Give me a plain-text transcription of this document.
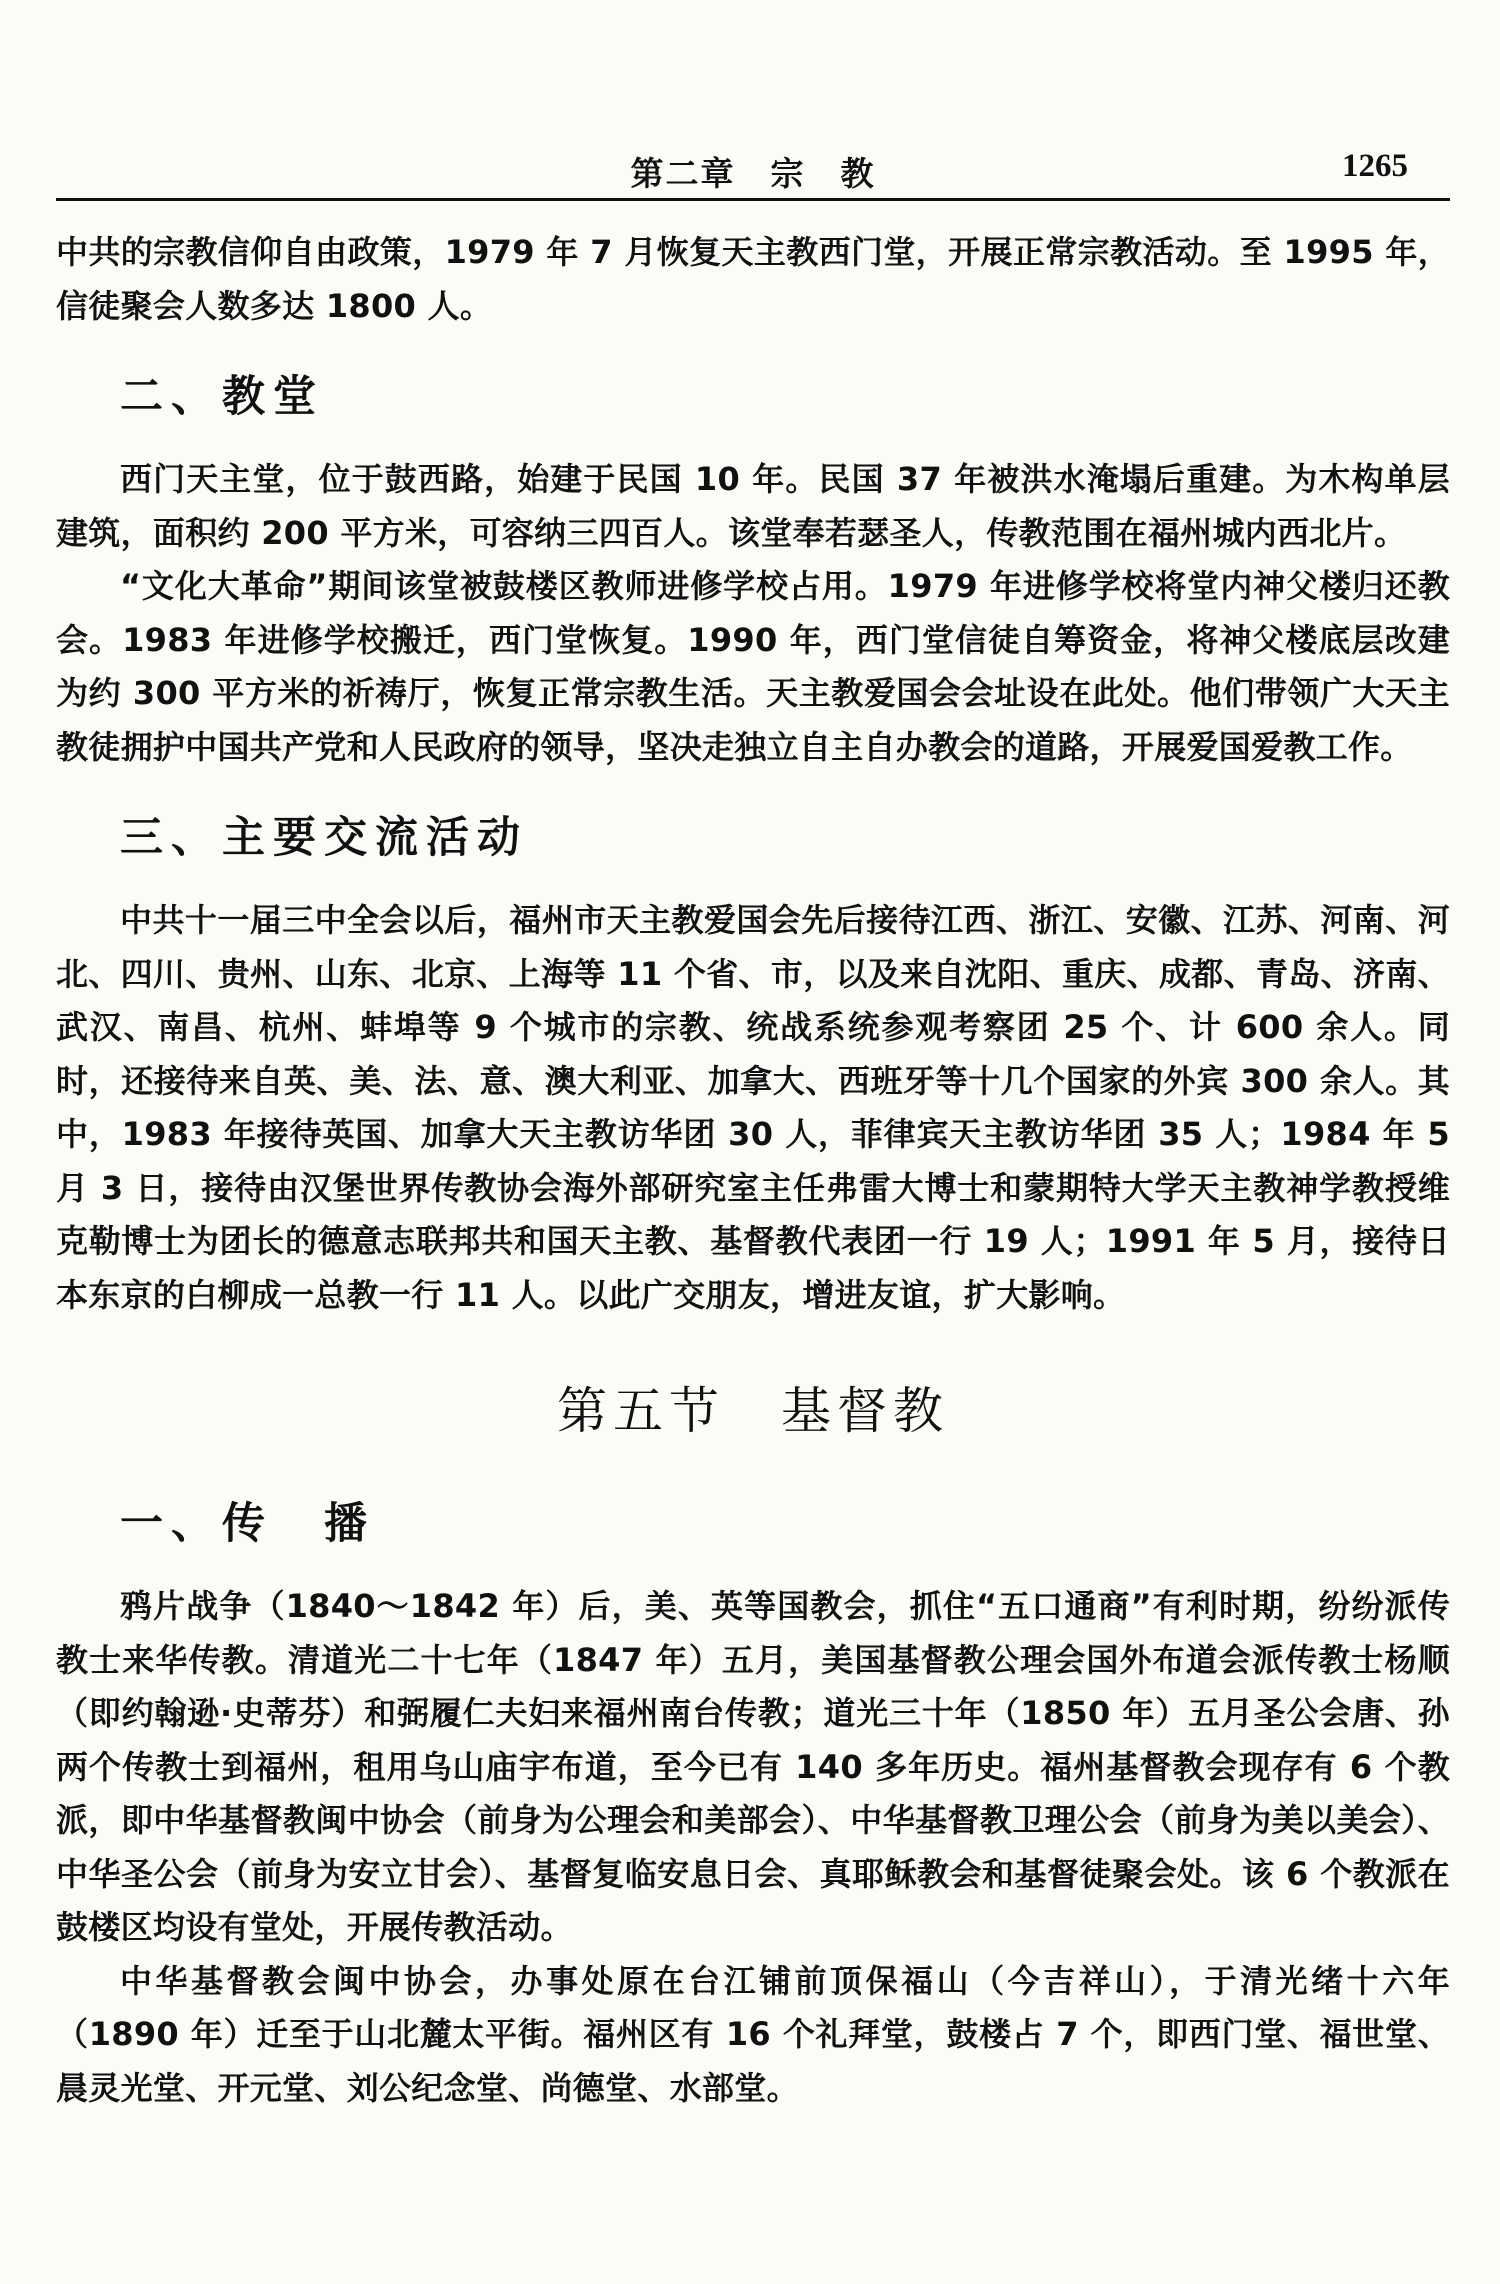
第二章　宗　教	1265

中共的宗教信仰自由政策，1979 年 7 月恢复天主教西门堂，开展正常宗教活动。至 1995 年，信徒聚会人数多达 1800 人。

二、教堂

西门天主堂，位于鼓西路，始建于民国 10 年。民国 37 年被洪水淹塌后重建。为木构单层建筑，面积约 200 平方米，可容纳三四百人。该堂奉若瑟圣人，传教范围在福州城内西北片。

“文化大革命”期间该堂被鼓楼区教师进修学校占用。1979 年进修学校将堂内神父楼归还教会。1983 年进修学校搬迁，西门堂恢复。1990 年，西门堂信徒自筹资金，将神父楼底层改建为约 300 平方米的祈祷厅，恢复正常宗教生活。天主教爱国会会址设在此处。他们带领广大天主教徒拥护中国共产党和人民政府的领导，坚决走独立自主自办教会的道路，开展爱国爱教工作。

三、主要交流活动

中共十一届三中全会以后，福州市天主教爱国会先后接待江西、浙江、安徽、江苏、河南、河北、四川、贵州、山东、北京、上海等 11 个省、市，以及来自沈阳、重庆、成都、青岛、济南、武汉、南昌、杭州、蚌埠等 9 个城市的宗教、统战系统参观考察团 25 个、计 600 余人。同时，还接待来自英、美、法、意、澳大利亚、加拿大、西班牙等十几个国家的外宾 300 余人。其中，1983 年接待英国、加拿大天主教访华团 30 人，菲律宾天主教访华团 35 人；1984 年 5 月 3 日，接待由汉堡世界传教协会海外部研究室主任弗雷大博士和蒙期特大学天主教神学教授维克勒博士为团长的德意志联邦共和国天主教、基督教代表团一行 19 人；1991 年 5 月，接待日本东京的白柳成一总教一行 11 人。以此广交朋友，增进友谊，扩大影响。

第五节　基督教
一、传　播

鸦片战争（1840～1842 年）后，美、英等国教会，抓住“五口通商”有利时期，纷纷派传教士来华传教。清道光二十七年（1847 年）五月，美国基督教公理会国外布道会派传教士杨顺（即约翰逊·史蒂芬）和弼履仁夫妇来福州南台传教；道光三十年（1850 年）五月圣公会唐、孙两个传教士到福州，租用乌山庙宇布道，至今已有 140 多年历史。福州基督教会现存有 6 个教派，即中华基督教闽中协会（前身为公理会和美部会）、中华基督教卫理公会（前身为美以美会）、中华圣公会（前身为安立甘会）、基督复临安息日会、真耶稣教会和基督徒聚会处。该 6 个教派在鼓楼区均设有堂处，开展传教活动。

中华基督教会闽中协会，办事处原在台江铺前顶保福山（今吉祥山），于清光绪十六年（1890 年）迁至于山北麓太平街。福州区有 16 个礼拜堂，鼓楼占 7 个，即西门堂、福世堂、晨灵光堂、开元堂、刘公纪念堂、尚德堂、水部堂。
